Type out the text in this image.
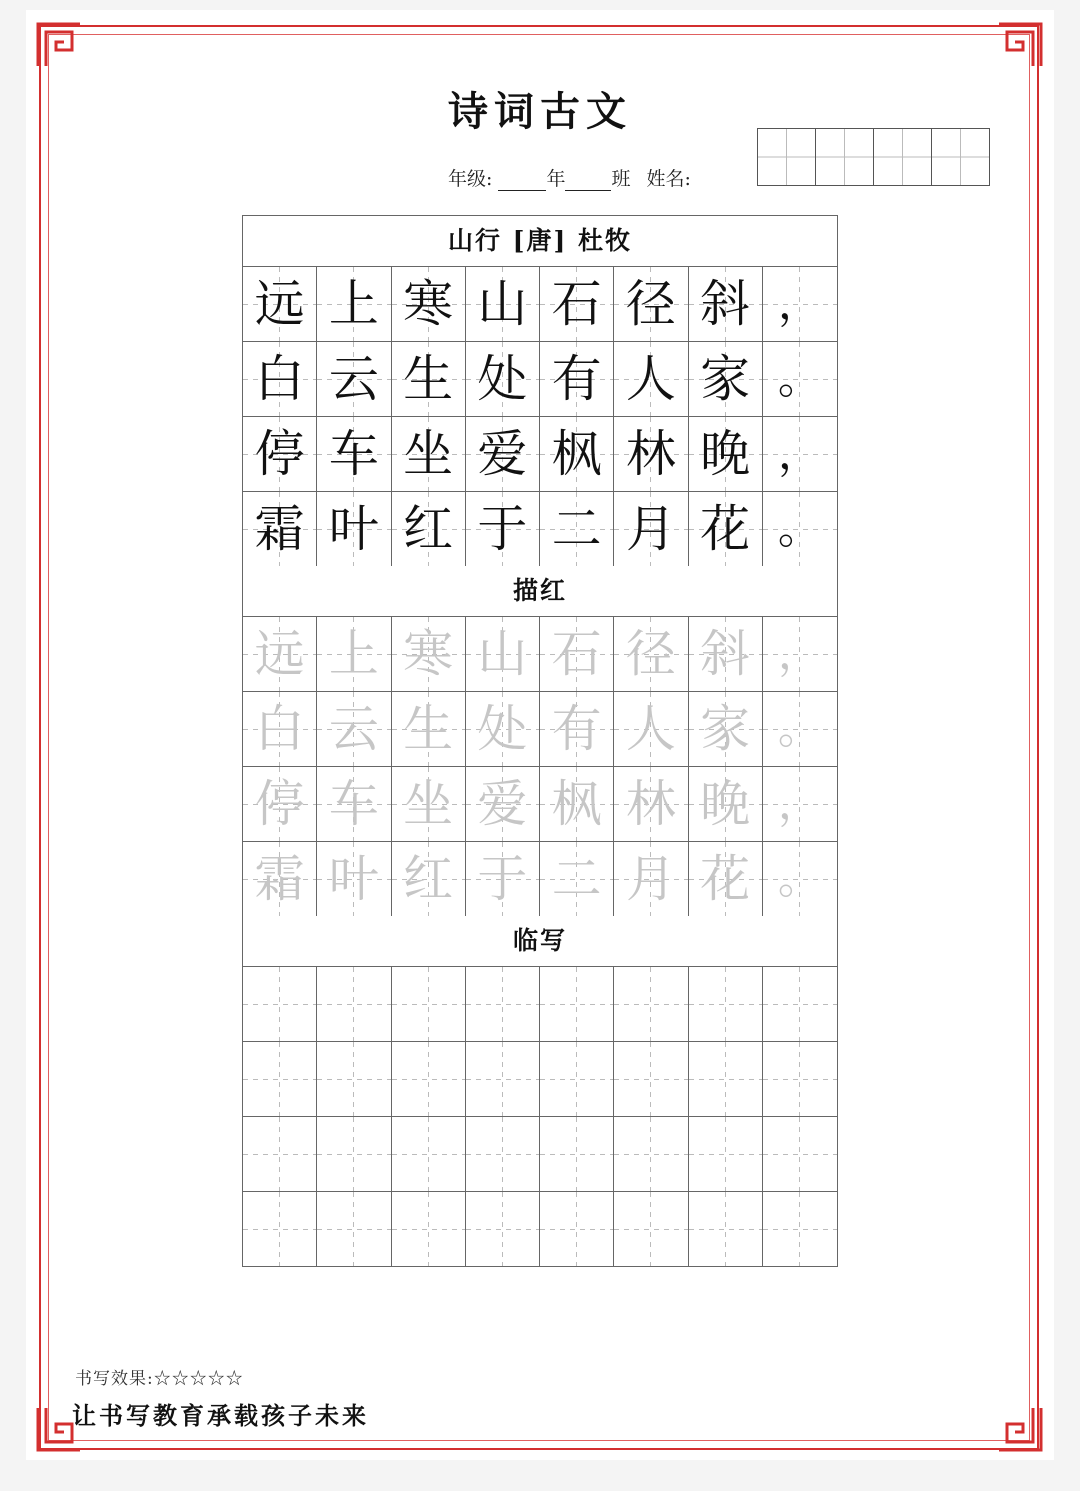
诗词古文
年级:	年 班 姓名:
山行 [唐] 杜牧
远 上 寒 山 石 径 斜 ，
白 云 生 处 有 人 家 。
停 车 坐 爱 枫 林 晚 ，
霜 叶 红 于 二 月 花 。
描红
远 上 寒 山 石 径 斜 ，
白 云 生 处 有 人 家 。
停 车 坐 爱 枫 林 晚 ，
霜 叶 红 于 二 月 花 。
临写
书写效果:☆☆☆☆☆
让书写教育承载孩子未来
